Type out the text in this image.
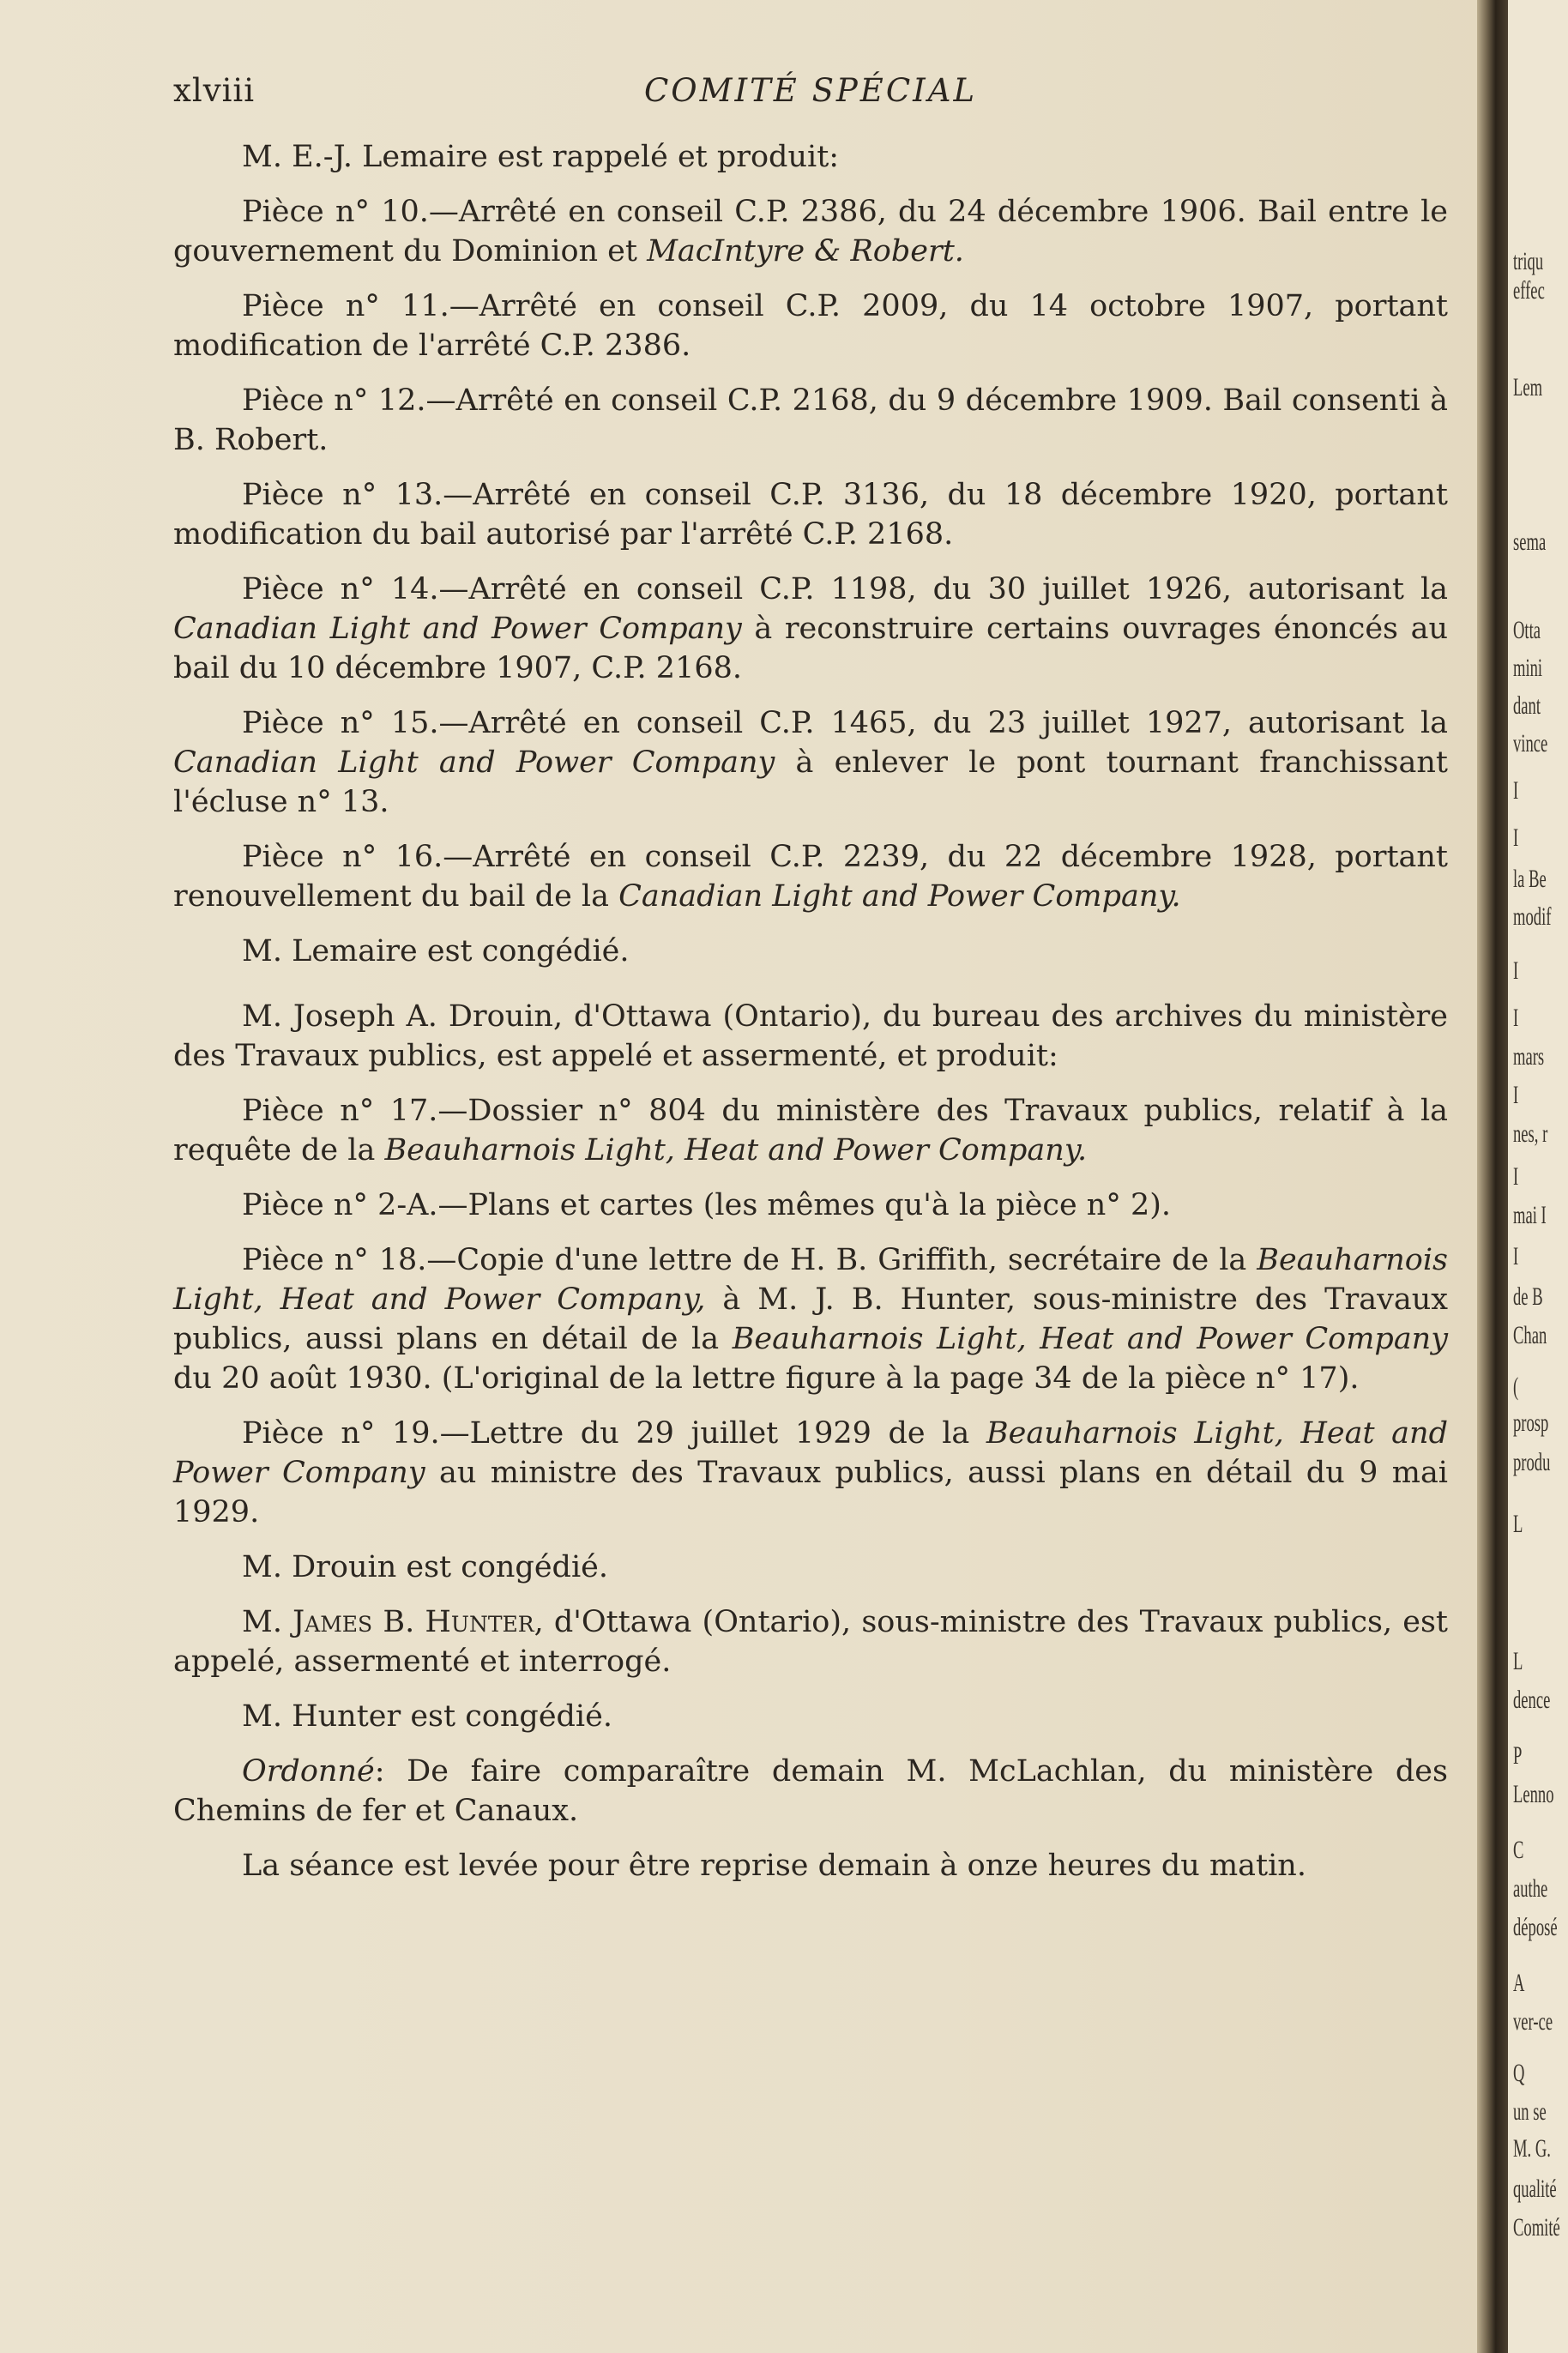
xlviii	COMITÉ SPÉCIAL

M. E.-J. Lemaire est rappelé et produit:

Pièce n° 10.—Arrêté en conseil C.P. 2386, du 24 décembre 1906. Bail entre le gouvernement du Dominion et MacIntyre & Robert.

Pièce n° 11.—Arrêté en conseil C.P. 2009, du 14 octobre 1907, portant modification de l'arrêté C.P. 2386.

Pièce n° 12.—Arrêté en conseil C.P. 2168, du 9 décembre 1909. Bail consenti à B. Robert.

Pièce n° 13.—Arrêté en conseil C.P. 3136, du 18 décembre 1920, portant modification du bail autorisé par l'arrêté C.P. 2168.

Pièce n° 14.—Arrêté en conseil C.P. 1198, du 30 juillet 1926, autorisant la Canadian Light and Power Company à reconstruire certains ouvrages énoncés au bail du 10 décembre 1907, C.P. 2168.

Pièce n° 15.—Arrêté en conseil C.P. 1465, du 23 juillet 1927, autorisant la Canadian Light and Power Company à enlever le pont tournant franchissant l'écluse n° 13.

Pièce n° 16.—Arrêté en conseil C.P. 2239, du 22 décembre 1928, portant renouvellement du bail de la Canadian Light and Power Company.

M. Lemaire est congédié.

M. Joseph A. Drouin, d'Ottawa (Ontario), du bureau des archives du ministère des Travaux publics, est appelé et assermenté, et produit:

Pièce n° 17.—Dossier n° 804 du ministère des Travaux publics, relatif à la requête de la Beauharnois Light, Heat and Power Company.

Pièce n° 2-A.—Plans et cartes (les mêmes qu'à la pièce n° 2).

Pièce n° 18.—Copie d'une lettre de H. B. Griffith, secrétaire de la Beauharnois Light, Heat and Power Company, à M. J. B. Hunter, sous-ministre des Travaux publics, aussi plans en détail de la Beauharnois Light, Heat and Power Company du 20 août 1930. (L'original de la lettre figure à la page 34 de la pièce n° 17).

Pièce n° 19.—Lettre du 29 juillet 1929 de la Beauharnois Light, Heat and Power Company au ministre des Travaux publics, aussi plans en détail du 9 mai 1929.

M. Drouin est congédié.

M. James B. Hunter, d'Ottawa (Ontario), sous-ministre des Travaux publics, est appelé, assermenté et interrogé.

M. Hunter est congédié.

Ordonné: De faire comparaître demain M. McLachlan, du ministère des Chemins de fer et Canaux.

La séance est levée pour être reprise demain à onze heures du matin.

triqu

effec

Lem

sema

Otta

mini

dant

vince

I

I

la Be

modif

I

I

mars

I

nes, r

I

mai I

I

de B

Chan

(

prosp

produ

L

L

dence

P

Lenno

C

authe

déposé

A

ver-ce

Q

un se

M. G.

qualité

Comité
